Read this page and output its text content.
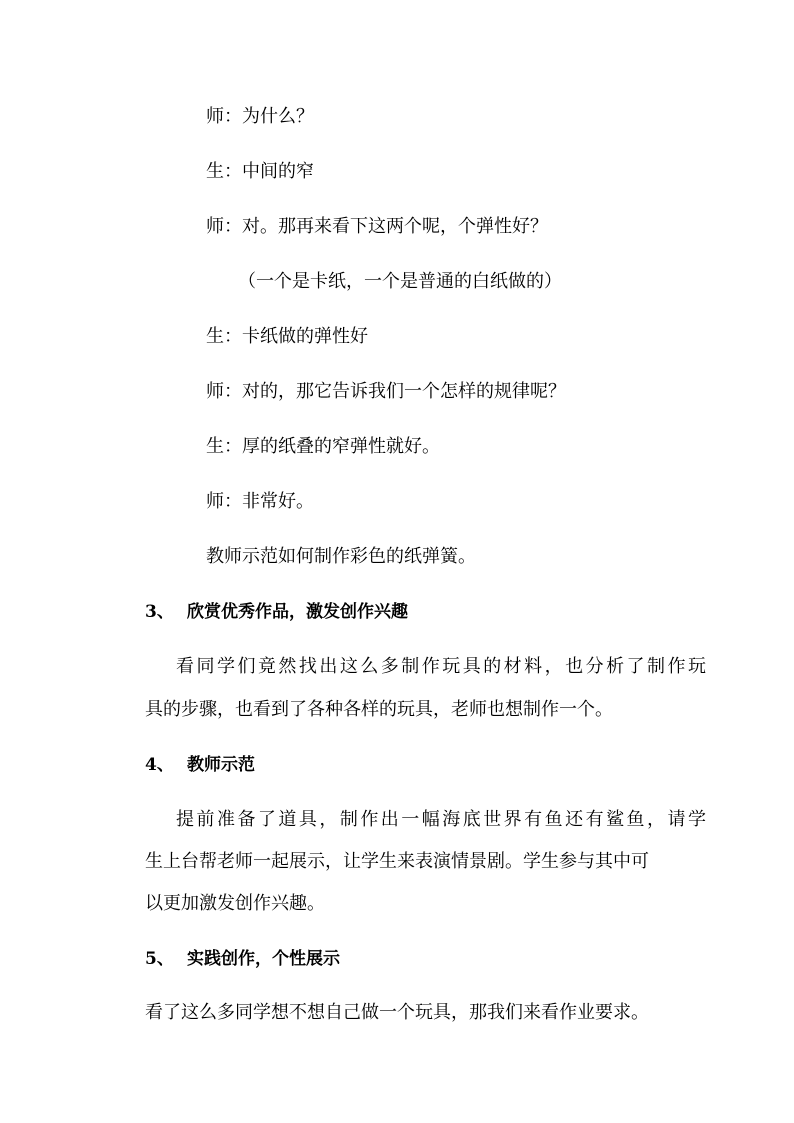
师：为什么？
生：中间的窄
师：对。那再来看下这两个呢，个弹性好？
（一个是卡纸，一个是普通的白纸做的）
生：卡纸做的弹性好
师：对的，那它告诉我们一个怎样的规律呢？
生：厚的纸叠的窄弹性就好。
师：非常好。
教师示范如何制作彩色的纸弹簧。
3、 欣赏优秀作品，激发创作兴趣
看同学们竟然找出这么多制作玩具的材料，也分析了制作玩
具的步骤，也看到了各种各样的玩具，老师也想制作一个。
4、 教师示范
提前准备了道具，制作出一幅海底世界有鱼还有鲨鱼，请学
生上台帮老师一起展示，让学生来表演情景剧。学生参与其中可
以更加激发创作兴趣。
5、 实践创作，个性展示
看了这么多同学想不想自己做一个玩具，那我们来看作业要求。
